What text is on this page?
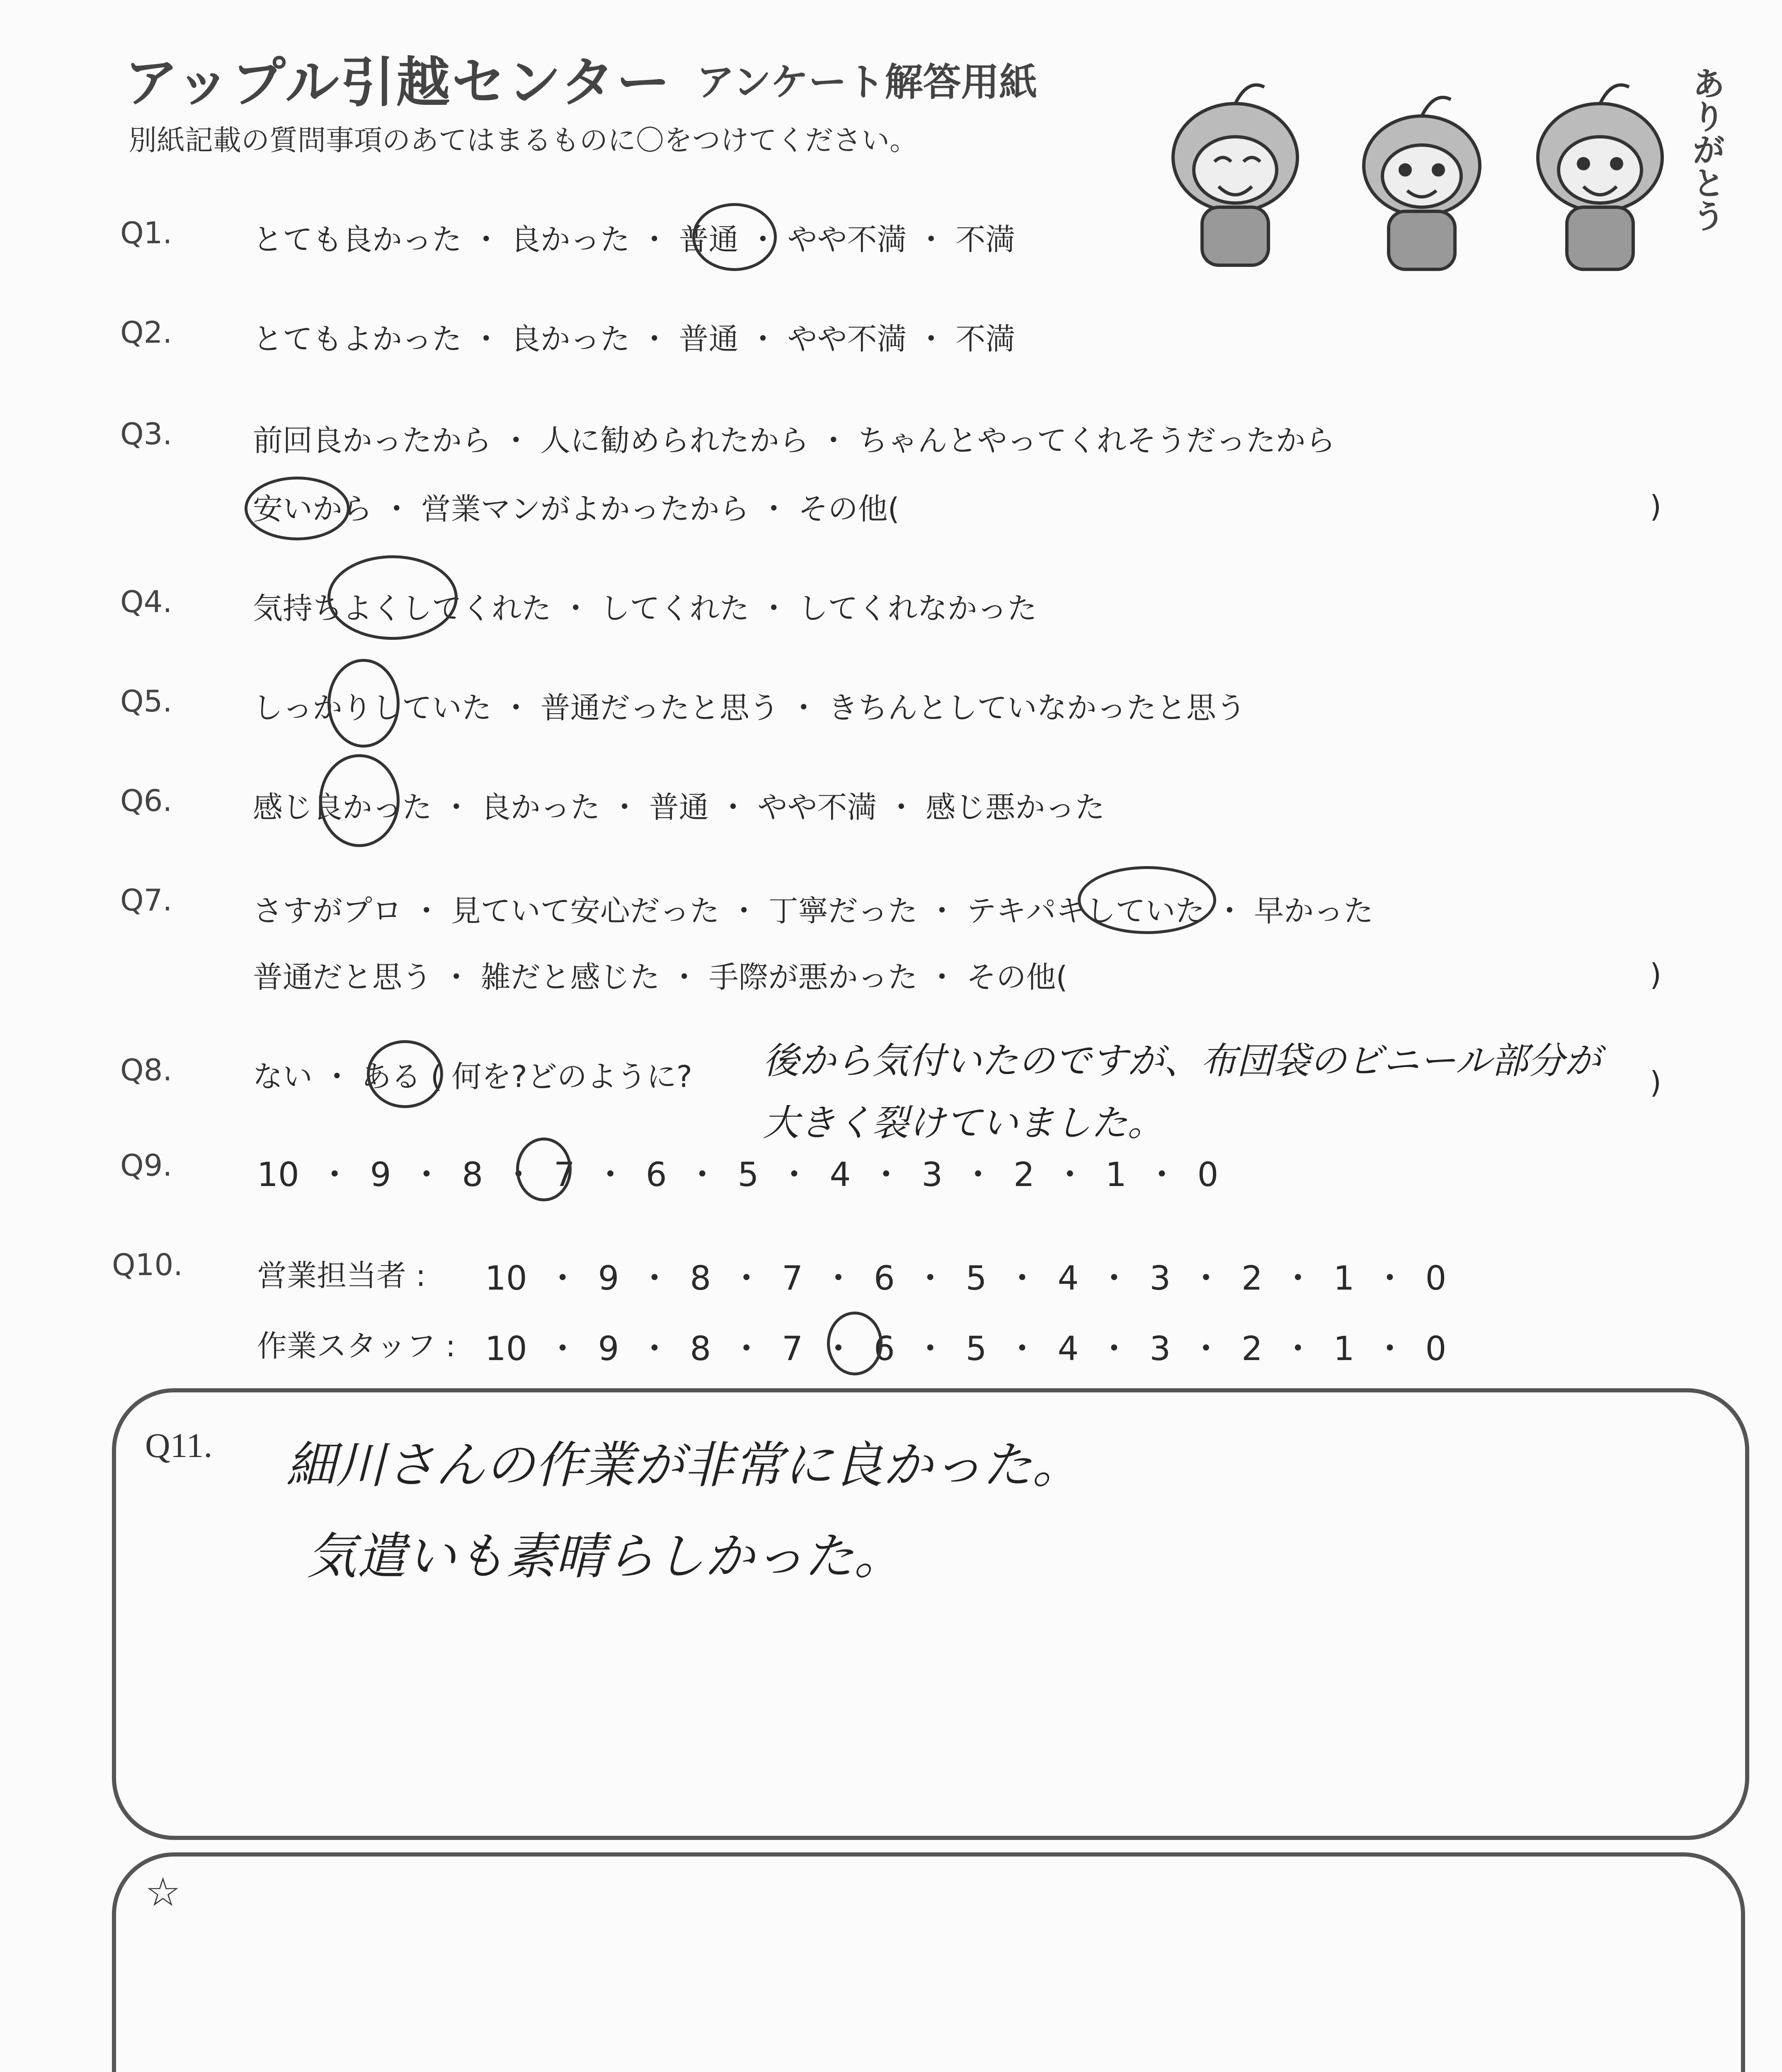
アップル引越センター アンケート解答用紙
別紙記載の質問事項のあてはまるものに〇をつけてください。	ありがとう
Q1.	とても良かった ・ 良かった ・ 普通 ・ やや不満 ・ 不満
Q2.	とてもよかった ・ 良かった ・ 普通 ・ やや不満 ・ 不満
Q3.	前回良かったから ・ 人に勧められたから ・ ちゃんとやってくれそうだったから
安いから ・ 営業マンがよかったから ・ その他(	)
Q4.	気持ちよくしてくれた ・ してくれた ・ してくれなかった
Q5.	しっかりしていた ・ 普通だったと思う ・ きちんとしていなかったと思う
Q6.	感じ良かった ・ 良かった ・ 普通 ・ やや不満 ・ 感じ悪かった
Q7.	さすがプロ ・ 見ていて安心だった ・ 丁寧だった ・ テキパキしていた ・ 早かった
普通だと思う ・ 雑だと感じた ・ 手際が悪かった ・ その他(	)
Q8.	ない ・ ある ( 何を?どのように?	)
後から気付いたのですが、布団袋のビニール部分が
大きく裂けていました。
Q9.	10 ・ 9 ・ 8 ・ 7 ・ 6 ・ 5 ・ 4 ・ 3 ・ 2 ・ 1 ・ 0
Q10. 営業担当者 : 10 ・ 9 ・ 8 ・ 7 ・ 6 ・ 5 ・ 4 ・ 3 ・ 2 ・ 1 ・ 0
作業スタッフ : 10 ・ 9 ・ 8 ・ 7 ・ 6 ・ 5 ・ 4 ・ 3 ・ 2 ・ 1 ・ 0
Q11. 細川さんの作業が非常に良かった。
気遣いも素晴らしかった。
☆
